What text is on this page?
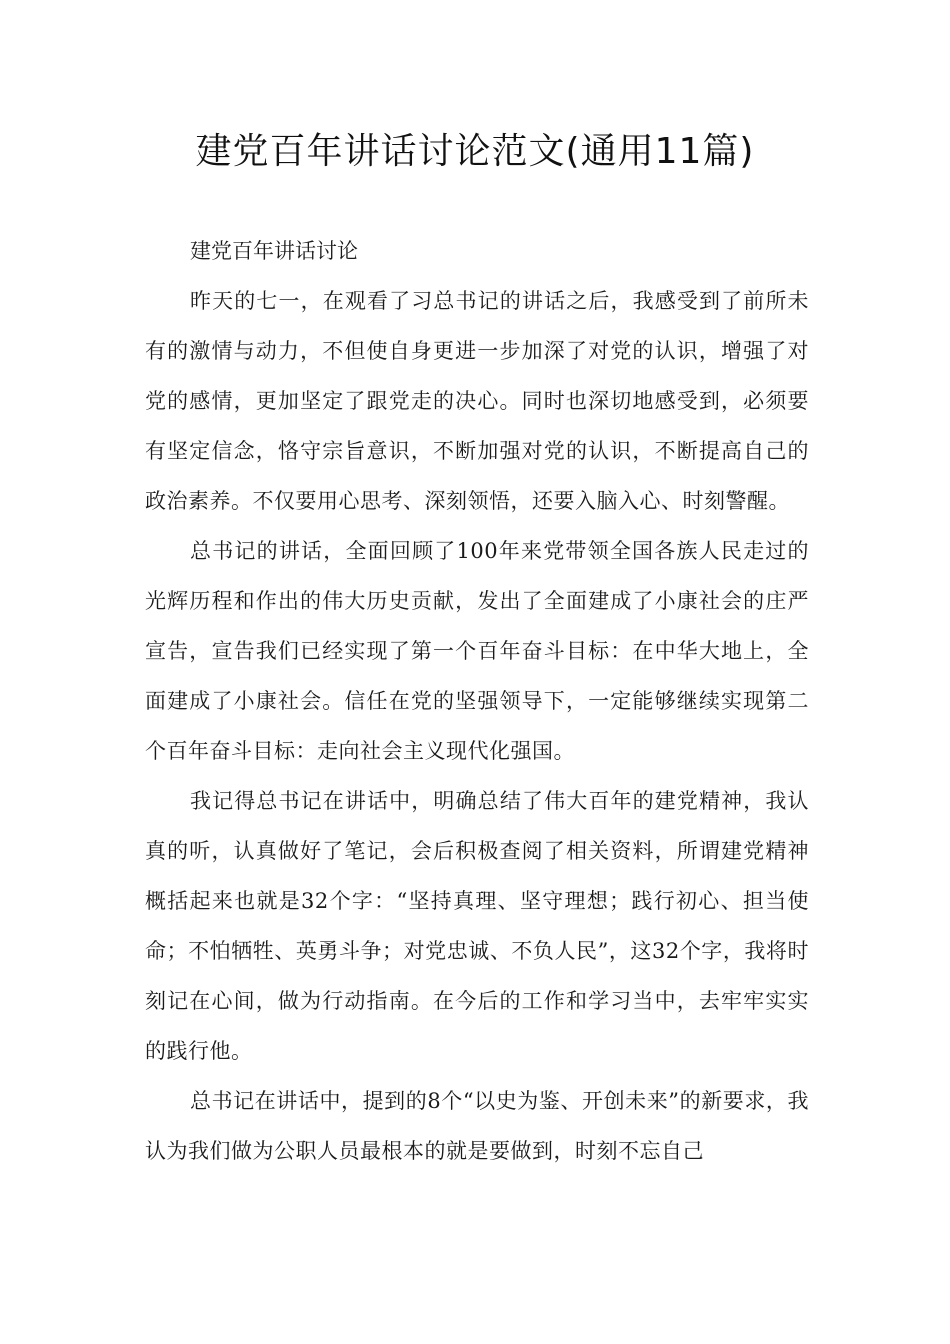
建党百年讲话讨论范文(通用11篇)

建党百年讲话讨论

昨天的七一，在观看了习总书记的讲话之后，我感受到了前所未有的激情与动力，不但使自身更进一步加深了对党的认识，增强了对党的感情，更加坚定了跟党走的决心。同时也深切地感受到，必须要有坚定信念，恪守宗旨意识，不断加强对党的认识，不断提高自己的政治素养。不仅要用心思考、深刻领悟，还要入脑入心、时刻警醒。

总书记的讲话，全面回顾了100年来党带领全国各族人民走过的光辉历程和作出的伟大历史贡献，发出了全面建成了小康社会的庄严宣告，宣告我们已经实现了第一个百年奋斗目标：在中华大地上，全面建成了小康社会。信任在党的坚强领导下，一定能够继续实现第二个百年奋斗目标：走向社会主义现代化强国。

我记得总书记在讲话中，明确总结了伟大百年的建党精神，我认真的听，认真做好了笔记，会后积极查阅了相关资料，所谓建党精神概括起来也就是32个字：“坚持真理、坚守理想；践行初心、担当使命；不怕牺牲、英勇斗争；对党忠诚、不负人民”，这32个字，我将时刻记在心间，做为行动指南。在今后的工作和学习当中，去牢牢实实的践行他。

总书记在讲话中，提到的8个“以史为鉴、开创未来”的新要求，我认为我们做为公职人员最根本的就是要做到，时刻不忘自己
